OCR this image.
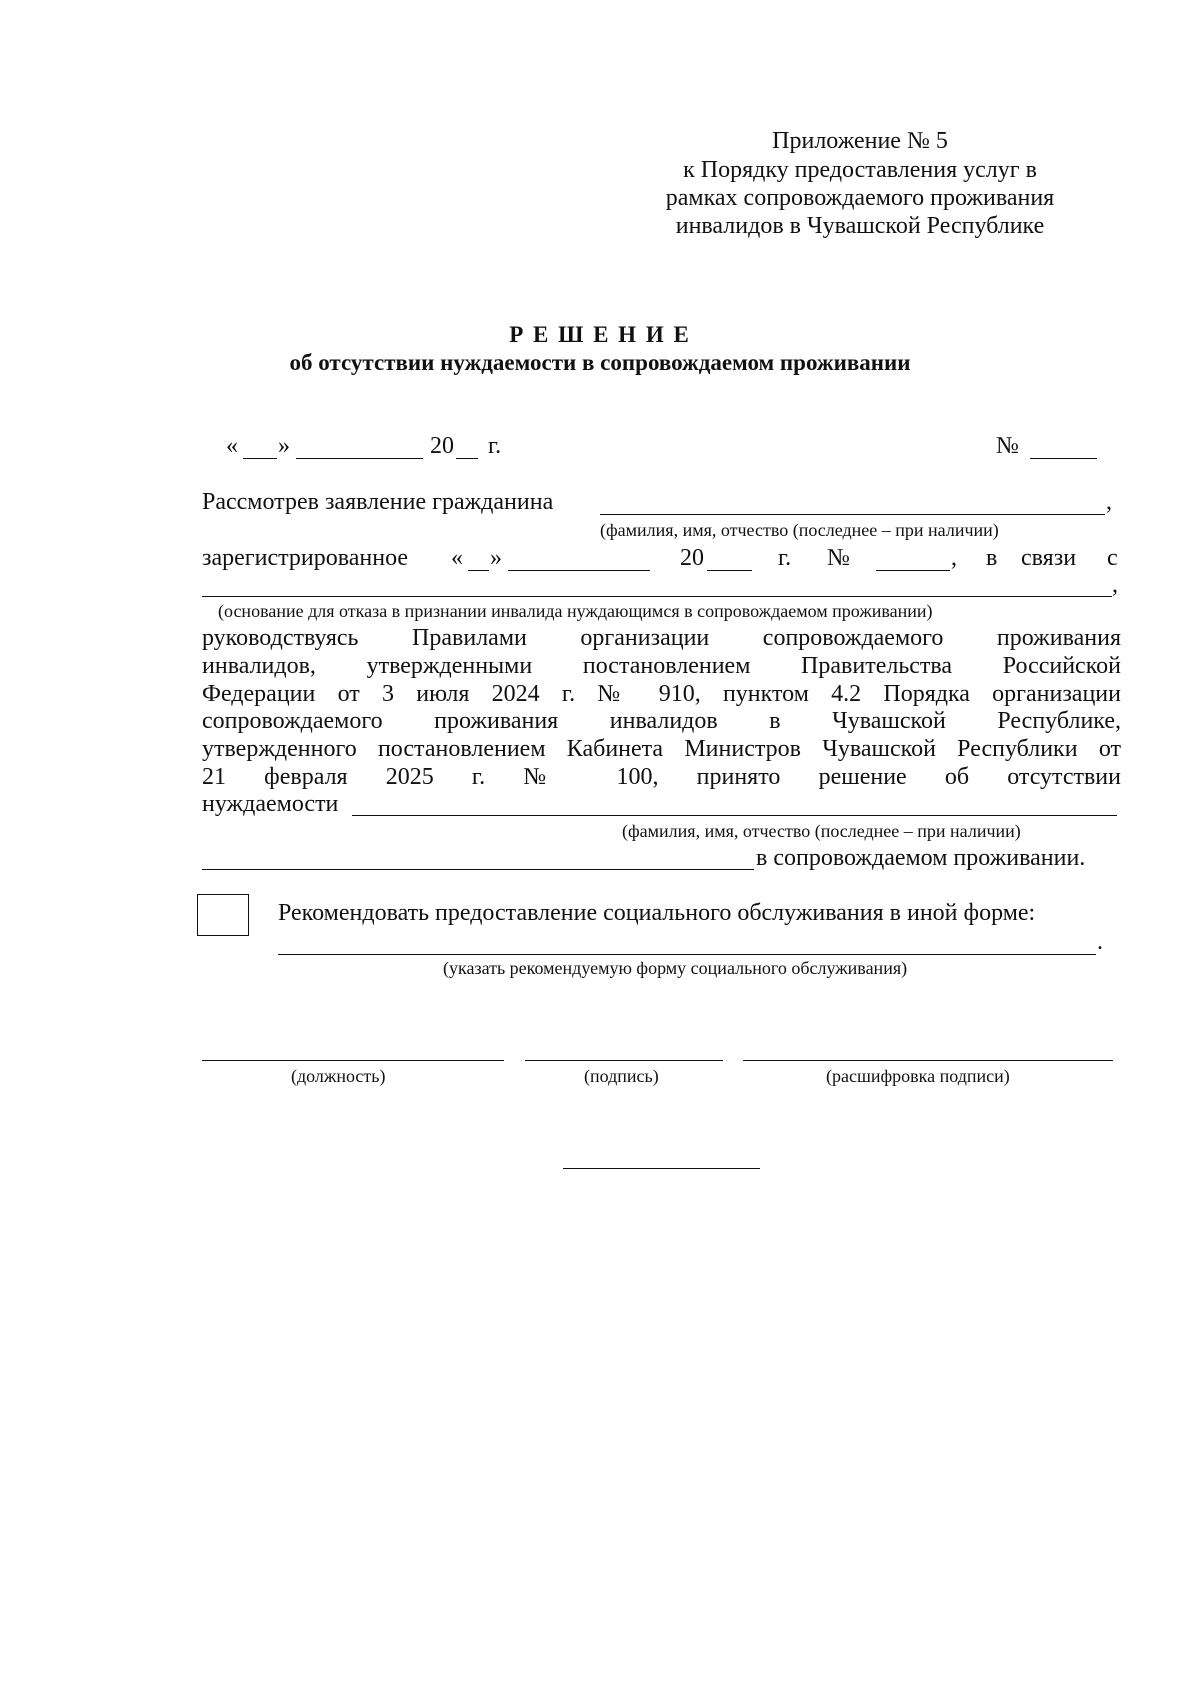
Приложение № 5
к Порядку предоставления услуг в
рамках сопровождаемого проживания
инвалидов в Чувашской Республике
Р Е Ш Е Н И Е
об отсутствии нуждаемости в сопровождаемом проживании
« »	20 г.	№
Рассмотрев заявление гражданина	,
(фамилия, имя, отчество (последнее – при наличии)
зарегистрированное « »	20	г. №	, в связи с
,
(основание для отказа в признании инвалида нуждающимся в сопровождаемом проживании)
руководствуясь Правилами организации сопровождаемого проживания
инвалидов, утвержденными постановлением Правительства Российской
Федерации от 3 июля 2024 г. № 910, пунктом 4.2 Порядка организации
сопровождаемого проживания инвалидов в Чувашской Республике,
утвержденного постановлением Кабинета Министров Чувашской Республики от
21 февраля 2025 г. № 100, принято решение об отсутствии
нуждаемости
(фамилия, имя, отчество (последнее – при наличии)
в сопровождаемом проживании.
Рекомендовать предоставление социального обслуживания в иной форме:
.
(указать рекомендуемую форму социального обслуживания)
(должность)	(подпись)	(расшифровка подписи)
